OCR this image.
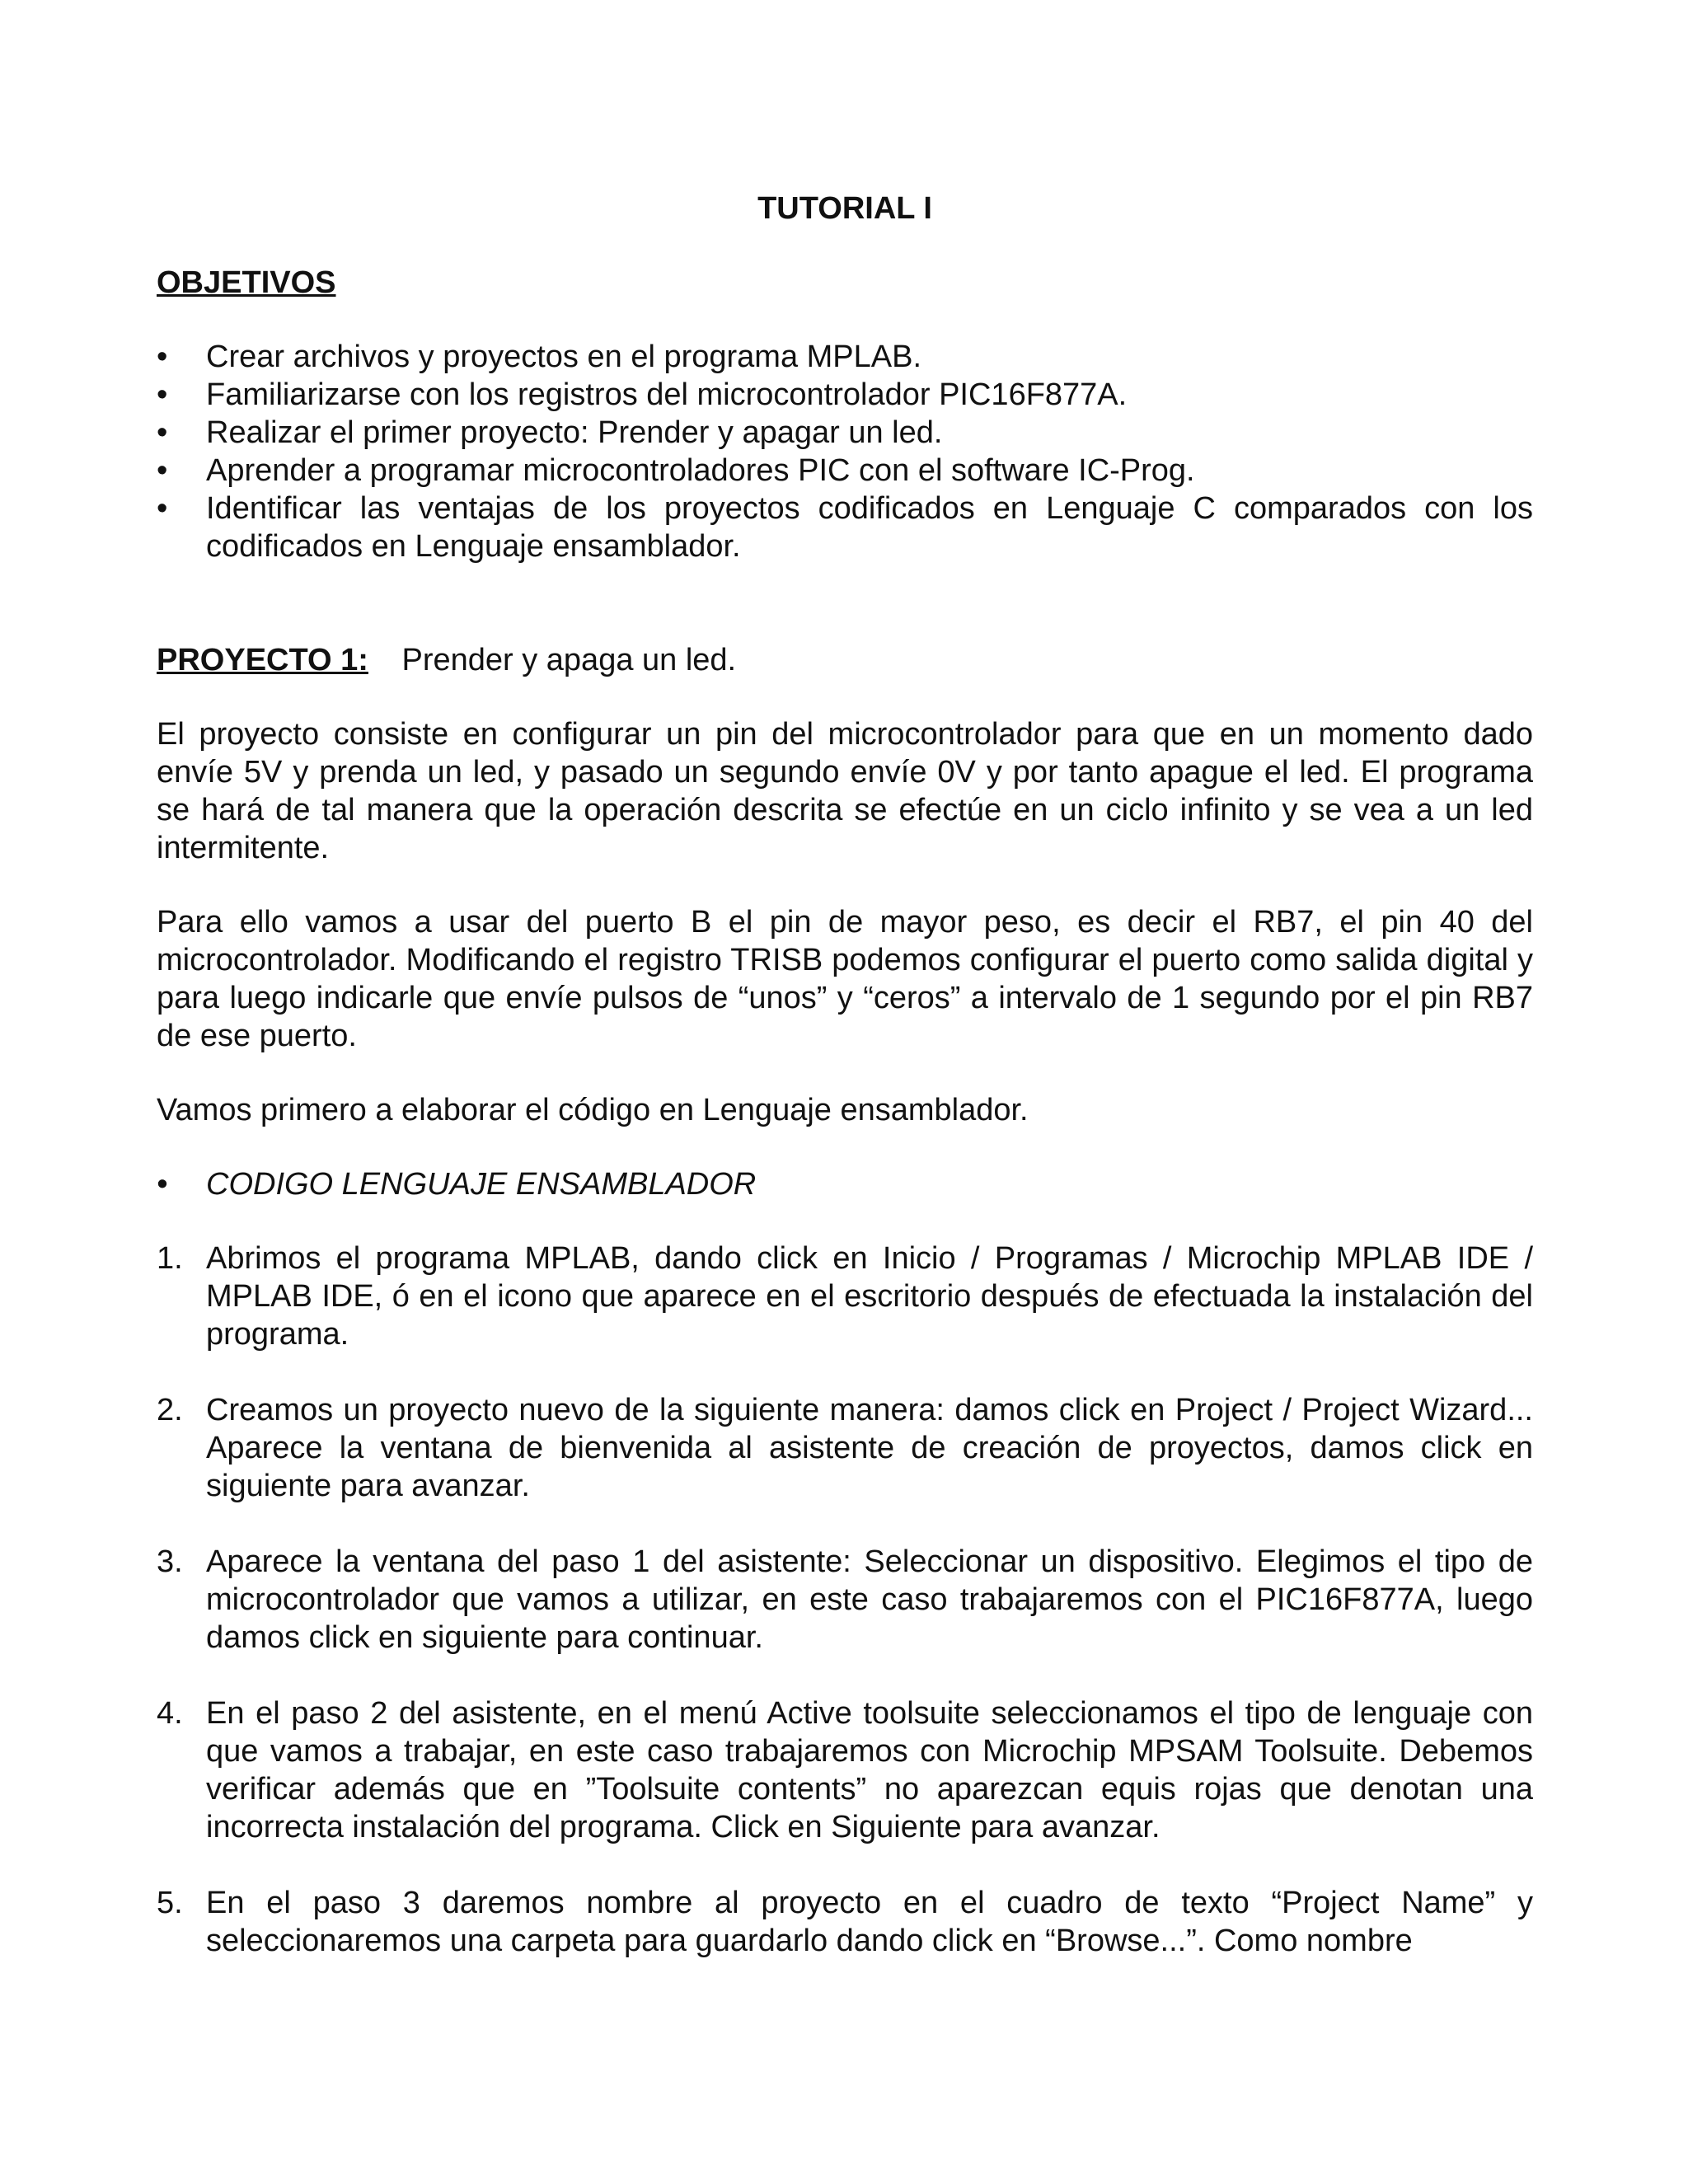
TUTORIAL I
OBJETIVOS
• Crear archivos y proyectos en el programa MPLAB.
• Familiarizarse con los registros del microcontrolador PIC16F877A.
• Realizar el primer proyecto: Prender y apagar un led.
• Aprender a programar microcontroladores PIC con el software IC-Prog.
• Identificar las ventajas de los proyectos codificados en Lenguaje C comparados con los codificados en Lenguaje ensamblador.
PROYECTO 1: Prender y apaga un led.

El proyecto consiste en configurar un pin del microcontrolador para que en un momento dado envíe 5V y prenda un led, y pasado un segundo envíe 0V y por tanto apague el led. El programa se hará de tal manera que la operación descrita se efectúe en un ciclo infinito y se vea a un led intermitente.

Para ello vamos a usar del puerto B el pin de mayor peso, es decir el RB7, el pin 40 del microcontrolador. Modificando el registro TRISB podemos configurar el puerto como salida digital y para luego indicarle que envíe pulsos de “unos” y “ceros” a intervalo de 1 segundo por el pin RB7 de ese puerto.

Vamos primero a elaborar el código en Lenguaje ensamblador.

• CODIGO LENGUAJE ENSAMBLADOR
1. Abrimos el programa MPLAB, dando click en Inicio / Programas / Microchip MPLAB IDE / MPLAB IDE, ó en el icono que aparece en el escritorio después de efectuada la instalación del programa.
2. Creamos un proyecto nuevo de la siguiente manera: damos click en Project / Project Wizard... Aparece la ventana de bienvenida al asistente de creación de proyectos, damos click en siguiente para avanzar.
3. Aparece la ventana del paso 1 del asistente: Seleccionar un dispositivo. Elegimos el tipo de microcontrolador que vamos a utilizar, en este caso trabajaremos con el PIC16F877A, luego damos click en siguiente para continuar.
4. En el paso 2 del asistente, en el menú Active toolsuite seleccionamos el tipo de lenguaje con que vamos a trabajar, en este caso trabajaremos con Microchip MPSAM Toolsuite. Debemos verificar además que en ”Toolsuite contents” no aparezcan equis rojas que denotan una incorrecta instalación del programa. Click en Siguiente para avanzar.
5. En el paso 3 daremos nombre al proyecto en el cuadro de texto “Project Name” y seleccionaremos una carpeta para guardarlo dando click en “Browse...”. Como nombre
